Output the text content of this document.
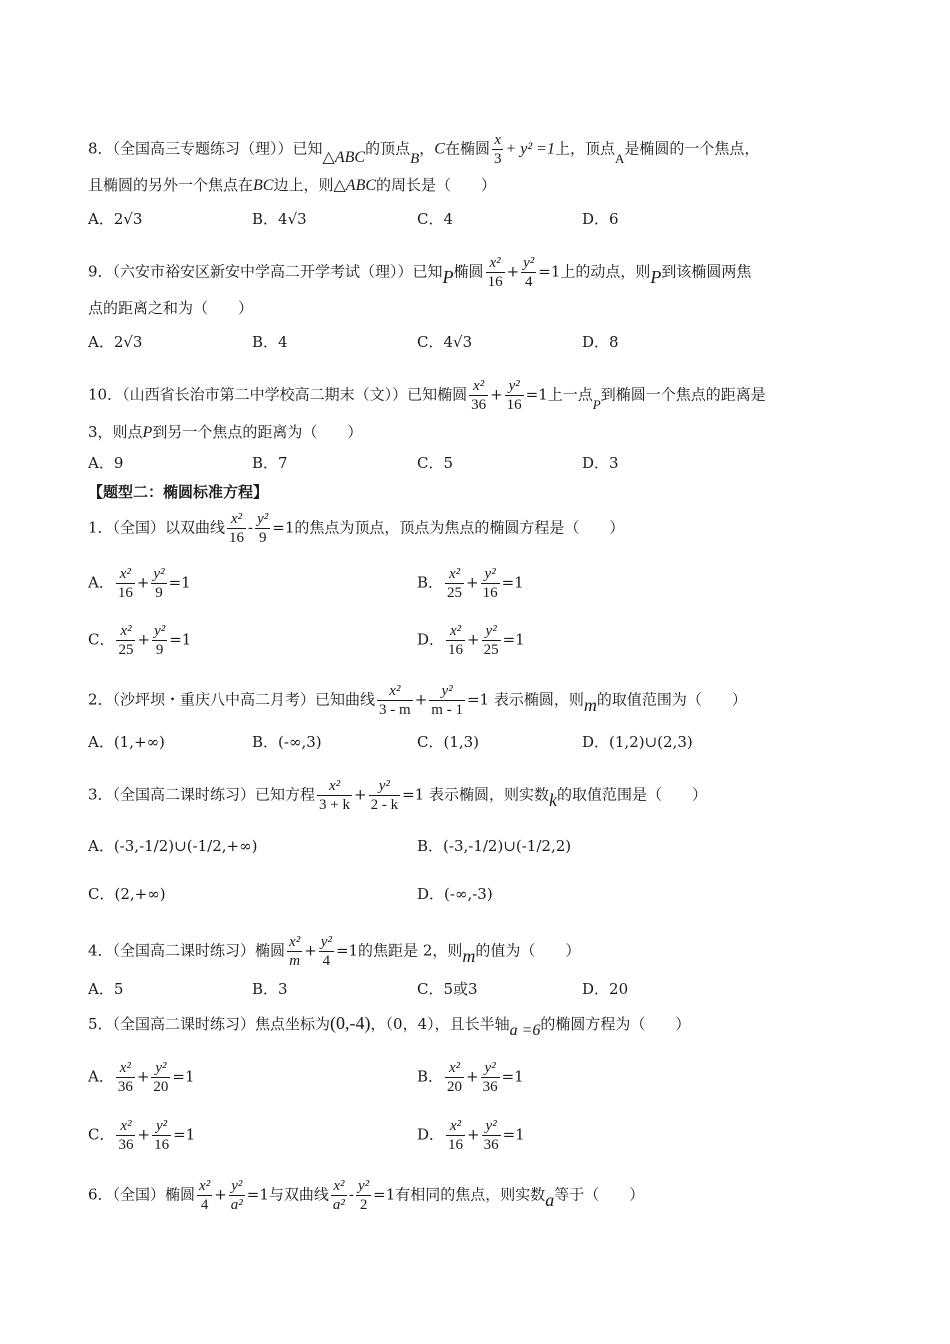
8．（全国高三专题练习（理））已知△ABC的顶点B，C在椭圆 $\frac{x}{3} + y^2 =1$上，顶点A是椭圆的一个焦点，
且椭圆的另外一个焦点在BC边上，则△ABC的周长是（　　）
A．2√3	B．4√3	C．4	D．6
9．（六安市裕安区新安中学高二开学考试（理））已知P椭圆 $\frac{\text{x²}}{16} + \frac{\text{y²}}{4} =1$上的动点，则P到该椭圆两焦
点的距离之和为（　　）
A．2√3	B．4	C．4√3	D．8
10．（山西省长治市第二中学校高二期末（文））已知椭圆 $\frac{\text{x²}}{36} + \frac{\text{y²}}{16} =1$上一点P到椭圆一个焦点的距离是
3，则点P到另一个焦点的距离为（　　）
A．9	B．7	C．5	D．3
【题型二：椭圆标准方程】
1．（全国）以双曲线 $\frac{\text{x²}}{16} - \frac{\text{y²}}{9} =1$的焦点为顶点，顶点为焦点的椭圆方程是（　　）
A． $\frac{\text{x²}}{16} + \frac{\text{y²}}{9} =1$	B． $\frac{\text{x²}}{25} + \frac{\text{y²}}{16} =1$
C． $\frac{\text{x²}}{25} + \frac{\text{y²}}{9} =1$	D． $\frac{\text{x²}}{16} + \frac{\text{y²}}{25} =1$
2．（沙坪坝・重庆八中高二月考）已知曲线 $\frac{\text{x²}}{3 - m} + \frac{\text{y²}}{m - 1} =1$ 表示椭圆，则m的取值范围为（　　）
A．(1,+∞)	B．(-∞,3)	C．(1,3)	D．(1,2)∪(2,3)
3．（全国高二课时练习）已知方程 $\frac{\text{x²}}{3 + k} + \frac{\text{y²}}{2 - k} =1$ 表示椭圆，则实数k的取值范围是（　　）
A．(-3,-1/2)∪(-1/2,+∞)	B．(-3,-1/2)∪(-1/2,2)
C．(2,+∞)	D．(-∞,-3)
4．（全国高二课时练习）椭圆 $\frac{\text{x²}}{m} + \frac{\text{y²}}{4} =1$的焦距是 2，则m的值为（　　）
A．5	B．3	C．5或3	D．20
5．（全国高二课时练习）焦点坐标为(0,-4)，（0，4），且长半轴a =6的椭圆方程为（　　）
A． $\frac{\text{x²}}{36} + \frac{\text{y²}}{20} =1$	B． $\frac{\text{x²}}{20} + \frac{\text{y²}}{36} =1$
C． $\frac{\text{x²}}{36} + \frac{\text{y²}}{16} =1$	D． $\frac{\text{x²}}{16} + \frac{\text{y²}}{36} =1$
6．（全国）椭圆 $\frac{\text{x²}}{4} + \frac{\text{y²}}{\text{a²}} =1$与双曲线 $\frac{\text{x²}}{\text{a²}} - \frac{\text{y²}}{2} =1$有相同的焦点，则实数a等于（　　）
